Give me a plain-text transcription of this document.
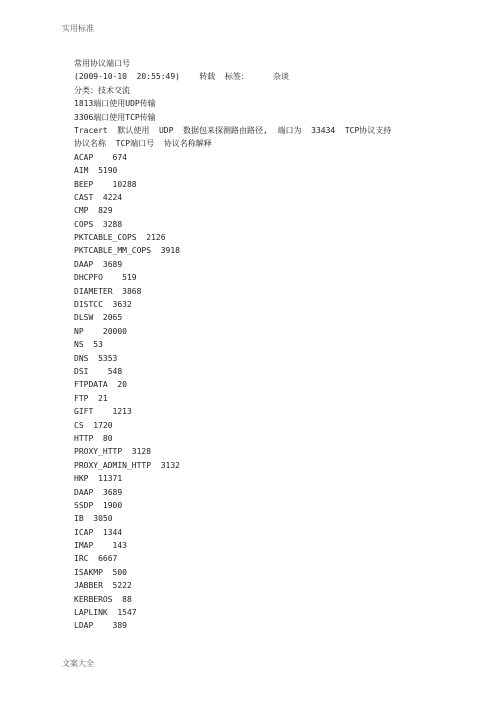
实用标准
常用协议端口号
(2009-10-10  20:55:49)    转载  标签：     杂谈
分类：技术交流
1813端口使用UDP传输
3306端口使用TCP传输
Tracert  默认使用  UDP  数据包来探测路由路径,  端口为  33434  TCP协议支持
协议名称  TCP端口号  协议名称解释
ACAP    674
AIM  5190
BEEP    10288
CAST  4224
CMP  829
COPS  3288
PKTCABLE_COPS  2126
PKTCABLE_MM_COPS  3918
DAAP  3689
DHCPFO    519
DIAMETER  3868
DISTCC  3632
DLSW  2065
NP    20000
NS  53
DNS  5353
DSI    548
FTPDATA  20
FTP  21
GIFT    1213
CS  1720
HTTP  80
PROXY_HTTP  3128
PROXY_ADMIN_HTTP  3132
HKP  11371
DAAP  3689
SSDP  1900
IB  3050
ICAP  1344
IMAP    143
IRC  6667
ISAKMP  500
JABBER  5222
KERBEROS  88
LAPLINK  1547
LDAP    389
文案大全
